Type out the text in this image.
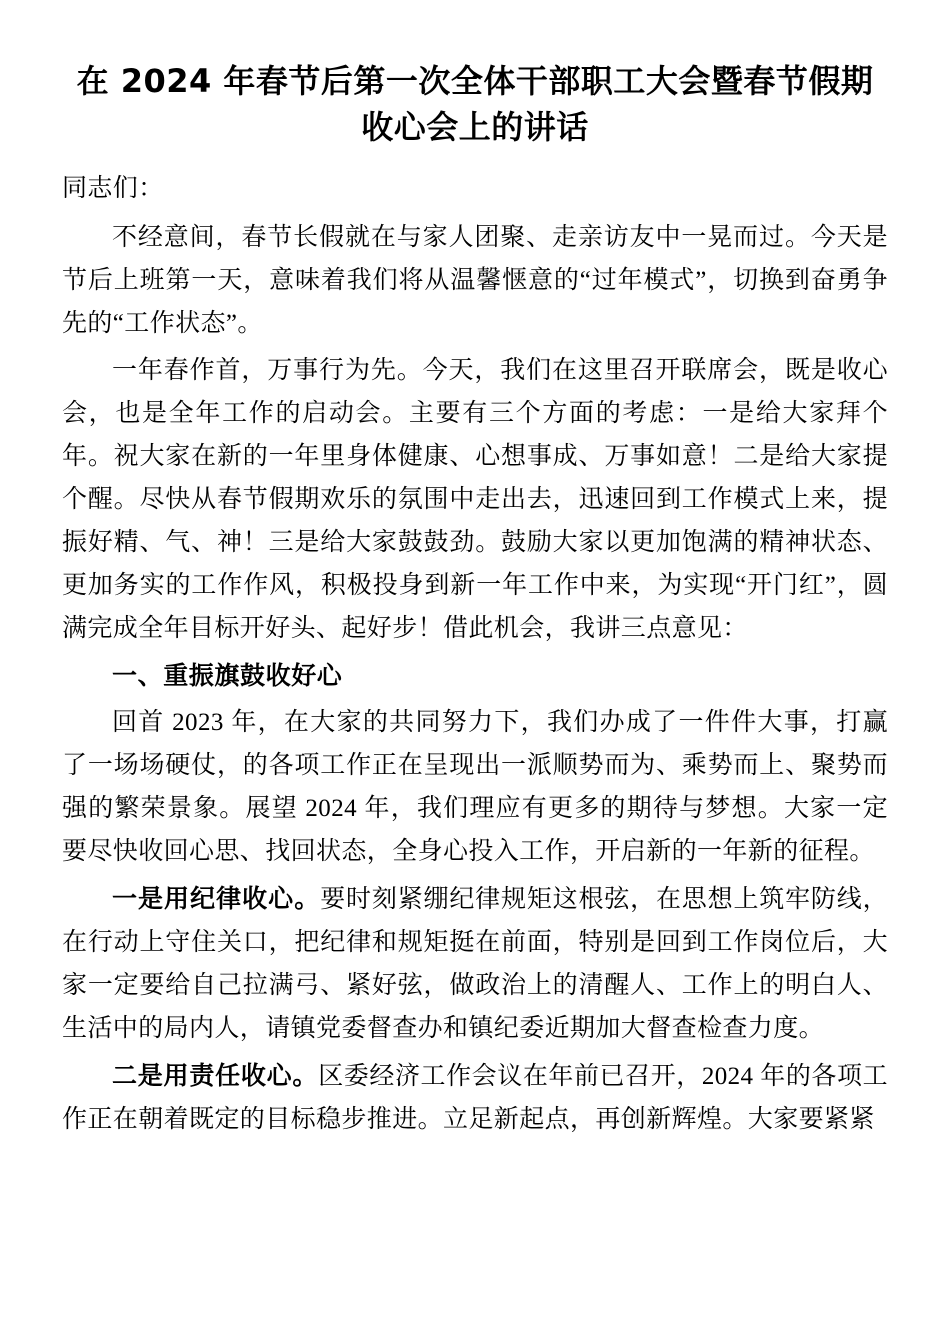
在 2024 年春节后第一次全体干部职工大会暨春节假期收心会上的讲话
同志们：

不经意间，春节长假就在与家人团聚、走亲访友中一晃而过。今天是节后上班第一天，意味着我们将从温馨惬意的“过年模式”，切换到奋勇争先的“工作状态”。

一年春作首，万事行为先。今天，我们在这里召开联席会，既是收心会，也是全年工作的启动会。主要有三个方面的考虑：一是给大家拜个年。祝大家在新的一年里身体健康、心想事成、万事如意！二是给大家提个醒。尽快从春节假期欢乐的氛围中走出去，迅速回到工作模式上来，提振好精、气、神！三是给大家鼓鼓劲。鼓励大家以更加饱满的精神状态、更加务实的工作作风，积极投身到新一年工作中来，为实现“开门红”，圆满完成全年目标开好头、起好步！借此机会，我讲三点意见：

一、重振旗鼓收好心

回首 2023 年，在大家的共同努力下，我们办成了一件件大事，打赢了一场场硬仗，的各项工作正在呈现出一派顺势而为、乘势而上、聚势而强的繁荣景象。展望 2024 年，我们理应有更多的期待与梦想。大家一定要尽快收回心思、找回状态，全身心投入工作，开启新的一年新的征程。

一是用纪律收心。要时刻紧绷纪律规矩这根弦，在思想上筑牢防线，在行动上守住关口，把纪律和规矩挺在前面，特别是回到工作岗位后，大家一定要给自己拉满弓、紧好弦，做政治上的清醒人、工作上的明白人、生活中的局内人，请镇党委督查办和镇纪委近期加大督查检查力度。

二是用责任收心。区委经济工作会议在年前已召开，2024 年的各项工作正在朝着既定的目标稳步推进。立足新起点，再创新辉煌。大家要紧紧
